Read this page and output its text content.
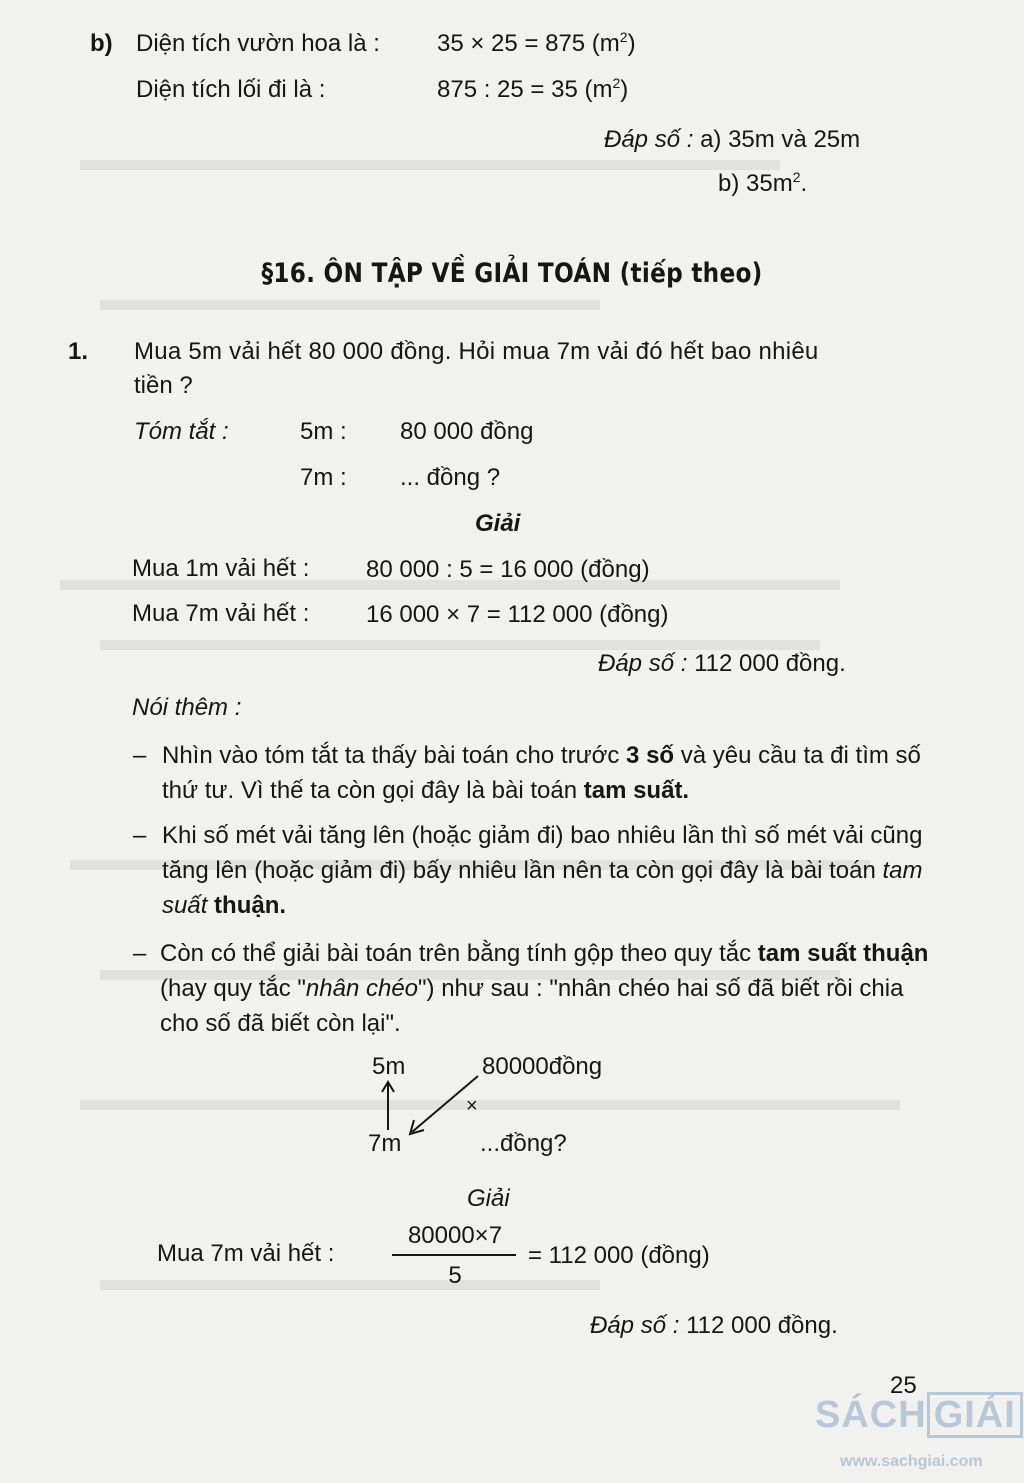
b) Diện tích vườn hoa là : 35 × 25 = 875 $(m^2)$
Diện tích lối đi là :	875 : 25 = 35 $(m^2)$
Đáp số : a) 35m và 25m
b) $35m^2$.
§16. ÔN TẬP VỀ GIẢI TOÁN (tiếp theo)
1. Mua 5m vải hết 80 000 đồng. Hỏi mua 7m vải đó hết bao nhiêu
tiền ?
Tóm tắt :	5m : 80 000 đồng
7m : ... đồng ?
Giải
Mua 1m vải hết : 80 000 : 5 = 16 000 (đồng)
Mua 7m vải hết : 16 000 × 7 = 112 000 (đồng)
Đáp số : 112 000 đồng.
Nói thêm :
– Nhìn vào tóm tắt ta thấy bài toán cho trước 3 số và yêu cầu ta đi tìm số thứ tư. Vì thế ta còn gọi đây là bài toán tam suất.
– Khi số mét vải tăng lên (hoặc giảm đi) bao nhiêu lần thì số mét vải cũng tăng lên (hoặc giảm đi) bấy nhiêu lần nên ta còn gọi đây là bài toán tam suất thuận.
– Còn có thể giải bài toán trên bằng tính gộp theo quy tắc tam suất thuận (hay quy tắc "nhân chéo") như sau : "nhân chéo hai số đã biết rồi chia cho số đã biết còn lại".
5m	80000đồng
×
7m	...đồng?
Giải
Mua 7m vải hết :
80000×7
5
= 112 000 (đồng)
Đáp số : 112 000 đồng.
25
SÁCH GIẢI
www.sachgiai.com
